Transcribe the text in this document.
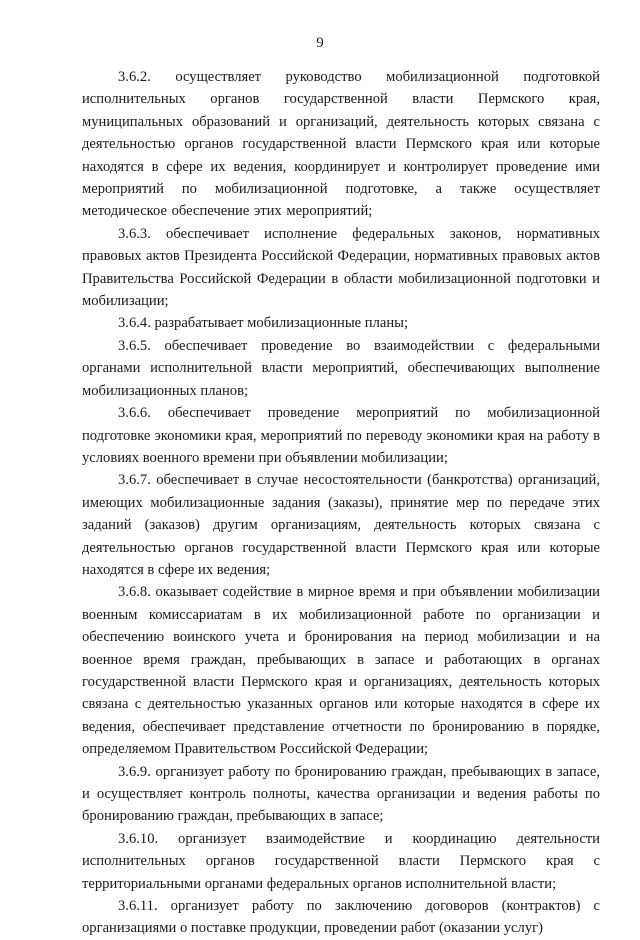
9

3.6.2. осуществляет руководство мобилизационной подготовкой исполнительных органов государственной власти Пермского края, муниципальных образований и организаций, деятельность которых связана с деятельностью органов государственной власти Пермского края или которые находятся в сфере их ведения, координирует и контролирует проведение ими мероприятий по мобилизационной подготовке, а также осуществляет методическое обеспечение этих мероприятий;

3.6.3. обеспечивает исполнение федеральных законов, нормативных правовых актов Президента Российской Федерации, нормативных правовых актов Правительства Российской Федерации в области мобилизационной подготовки и мобилизации;

3.6.4. разрабатывает мобилизационные планы;

3.6.5. обеспечивает проведение во взаимодействии с федеральными органами исполнительной власти мероприятий, обеспечивающих выполнение мобилизационных планов;

3.6.6. обеспечивает проведение мероприятий по мобилизационной подготовке экономики края, мероприятий по переводу экономики края на работу в условиях военного времени при объявлении мобилизации;

3.6.7. обеспечивает в случае несостоятельности (банкротства) организаций, имеющих мобилизационные задания (заказы), принятие мер по передаче этих заданий (заказов) другим организациям, деятельность которых связана с деятельностью органов государственной власти Пермского края или которые находятся в сфере их ведения;

3.6.8. оказывает содействие в мирное время и при объявлении мобилизации военным комиссариатам в их мобилизационной работе по организации и обеспечению воинского учета и бронирования на период мобилизации и на военное время граждан, пребывающих в запасе и работающих в органах государственной власти Пермского края и организациях, деятельность которых связана с деятельностью указанных органов или которые находятся в сфере их ведения, обеспечивает представление отчетности по бронированию в порядке, определяемом Правительством Российской Федерации;

3.6.9. организует работу по бронированию граждан, пребывающих в запасе, и осуществляет контроль полноты, качества организации и ведения работы по бронированию граждан, пребывающих в запасе;

3.6.10. организует взаимодействие и координацию деятельности исполнительных органов государственной власти Пермского края с территориальными органами федеральных органов исполнительной власти;

3.6.11. организует работу по заключению договоров (контрактов) с организациями о поставке продукции, проведении работ (оказании услуг)
